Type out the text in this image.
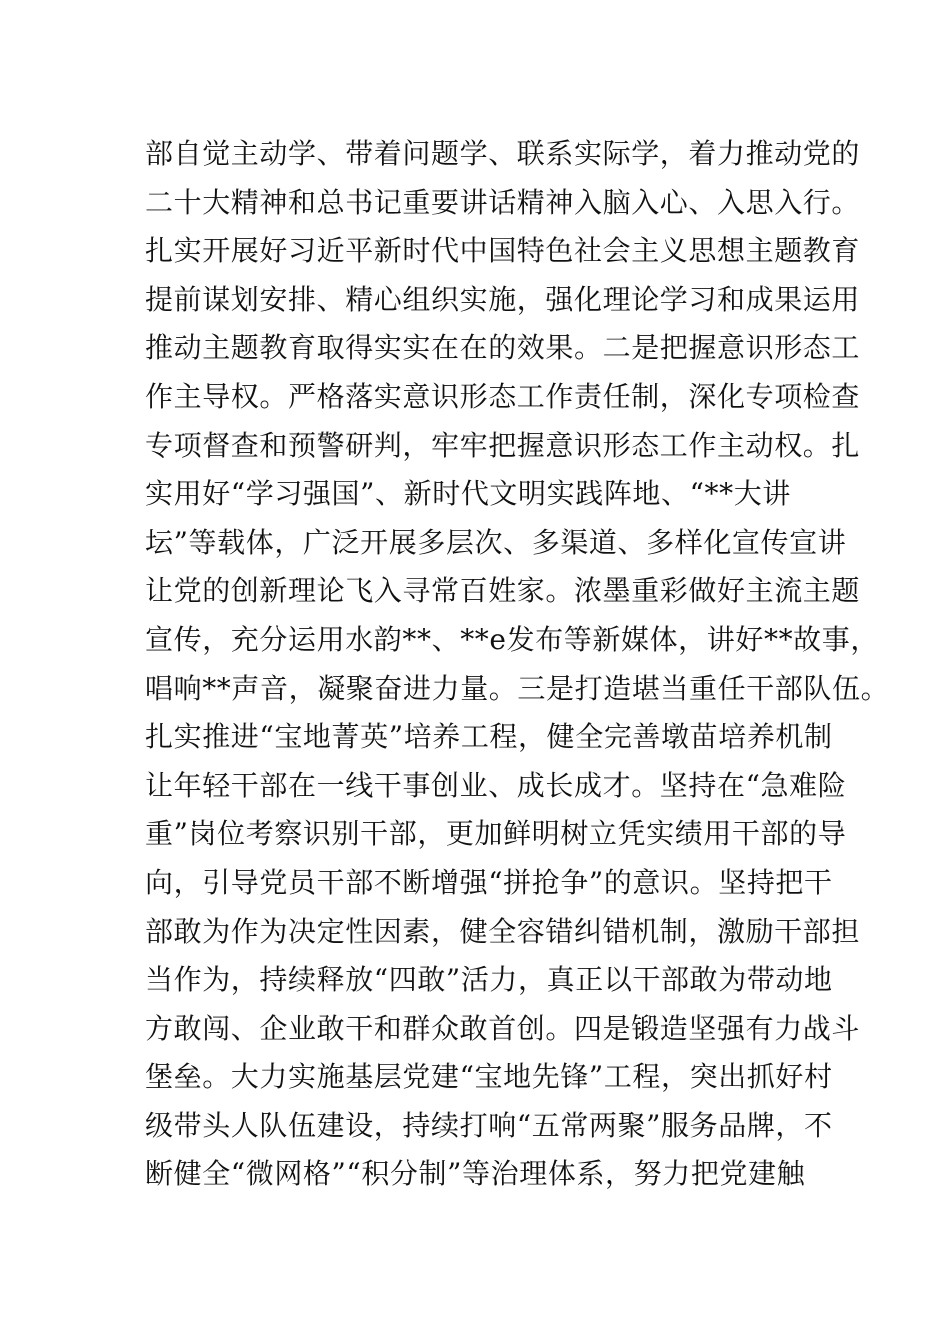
部自觉主动学、带着问题学、联系实际学，着力推动党的
二十大精神和总书记重要讲话精神入脑入心、入思入行。
扎实开展好习近平新时代中国特色社会主义思想主题教育
提前谋划安排、精心组织实施，强化理论学习和成果运用
推动主题教育取得实实在在的效果。二是把握意识形态工
作主导权。严格落实意识形态工作责任制，深化专项检查
专项督查和预警研判，牢牢把握意识形态工作主动权。扎
实用好“学习强国”、新时代文明实践阵地、“**大讲
坛”等载体，广泛开展多层次、多渠道、多样化宣传宣讲
让党的创新理论飞入寻常百姓家。浓墨重彩做好主流主题
宣传，充分运用水韵**、**e发布等新媒体，讲好**故事，
唱响**声音，凝聚奋进力量。三是打造堪当重任干部队伍。
扎实推进“宝地菁英”培养工程，健全完善墩苗培养机制
让年轻干部在一线干事创业、成长成才。坚持在“急难险
重”岗位考察识别干部，更加鲜明树立凭实绩用干部的导
向，引导党员干部不断增强“拼抢争”的意识。坚持把干
部敢为作为决定性因素，健全容错纠错机制，激励干部担
当作为，持续释放“四敢”活力，真正以干部敢为带动地
方敢闯、企业敢干和群众敢首创。四是锻造坚强有力战斗
堡垒。大力实施基层党建“宝地先锋”工程，突出抓好村
级带头人队伍建设，持续打响“五常两聚”服务品牌，不
断健全“微网格”“积分制”等治理体系，努力把党建触
